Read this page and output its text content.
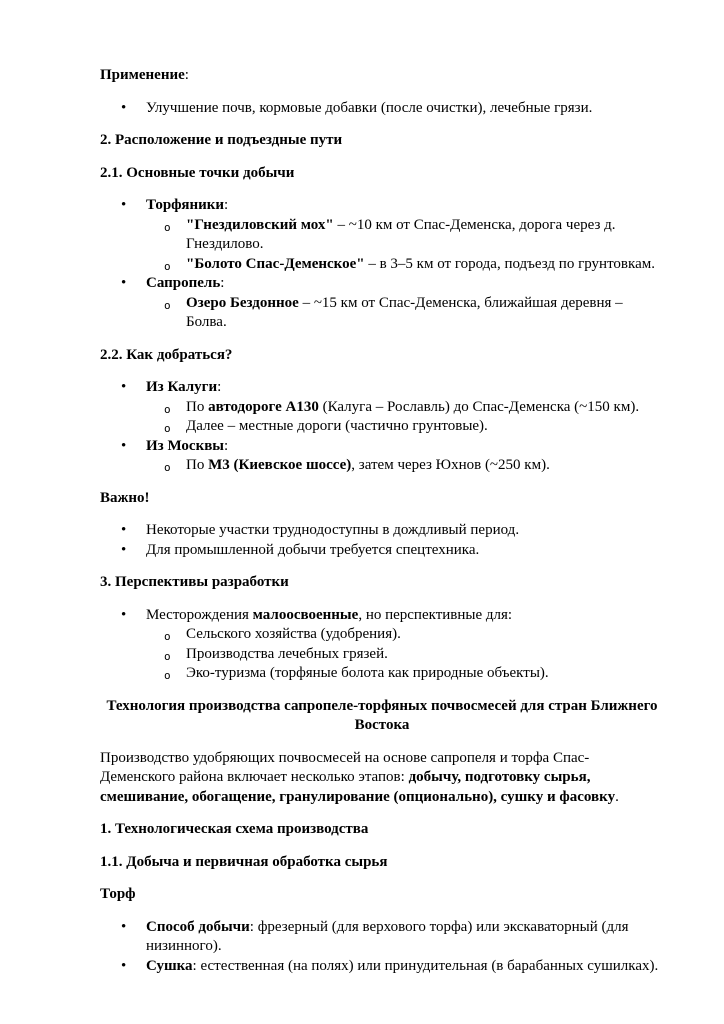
Применение:

• Улучшение почв, кормовые добавки (после очистки), лечебные грязи.

2. Расположение и подъездные пути

2.1. Основные точки добычи

• Торфяники:
o "Гнездиловский мох" – ~10 км от Спас-Деменска, дорога через д. Гнездилово.
o "Болото Спас-Деменское" – в 3–5 км от города, подъезд по грунтовкам.
• Сапропель:
o Озеро Бездонное – ~15 км от Спас-Деменска, ближайшая деревня – Болва.

2.2. Как добраться?

• Из Калуги:
o По автодороге А130 (Калуга – Рославль) до Спас-Деменска (~150 км).
o Далее – местные дороги (частично грунтовые).
• Из Москвы:
o По М3 (Киевское шоссе), затем через Юхнов (~250 км).

Важно!

• Некоторые участки труднодоступны в дождливый период.
• Для промышленной добычи требуется спецтехника.

3. Перспективы разработки

• Месторождения малоосвоенные, но перспективные для:
o Сельского хозяйства (удобрения).
o Производства лечебных грязей.
o Эко-туризма (торфяные болота как природные объекты).

Технология производства сапропеле-торфяных почвосмесей для стран Ближнего Востока

Производство удобряющих почвосмесей на основе сапропеля и торфа Спас-Деменского района включает несколько этапов: добычу, подготовку сырья, смешивание, обогащение, гранулирование (опционально), сушку и фасовку.

1. Технологическая схема производства

1.1. Добыча и первичная обработка сырья

Торф

• Способ добычи: фрезерный (для верхового торфа) или экскаваторный (для низинного).
• Сушка: естественная (на полях) или принудительная (в барабанных сушилках).
